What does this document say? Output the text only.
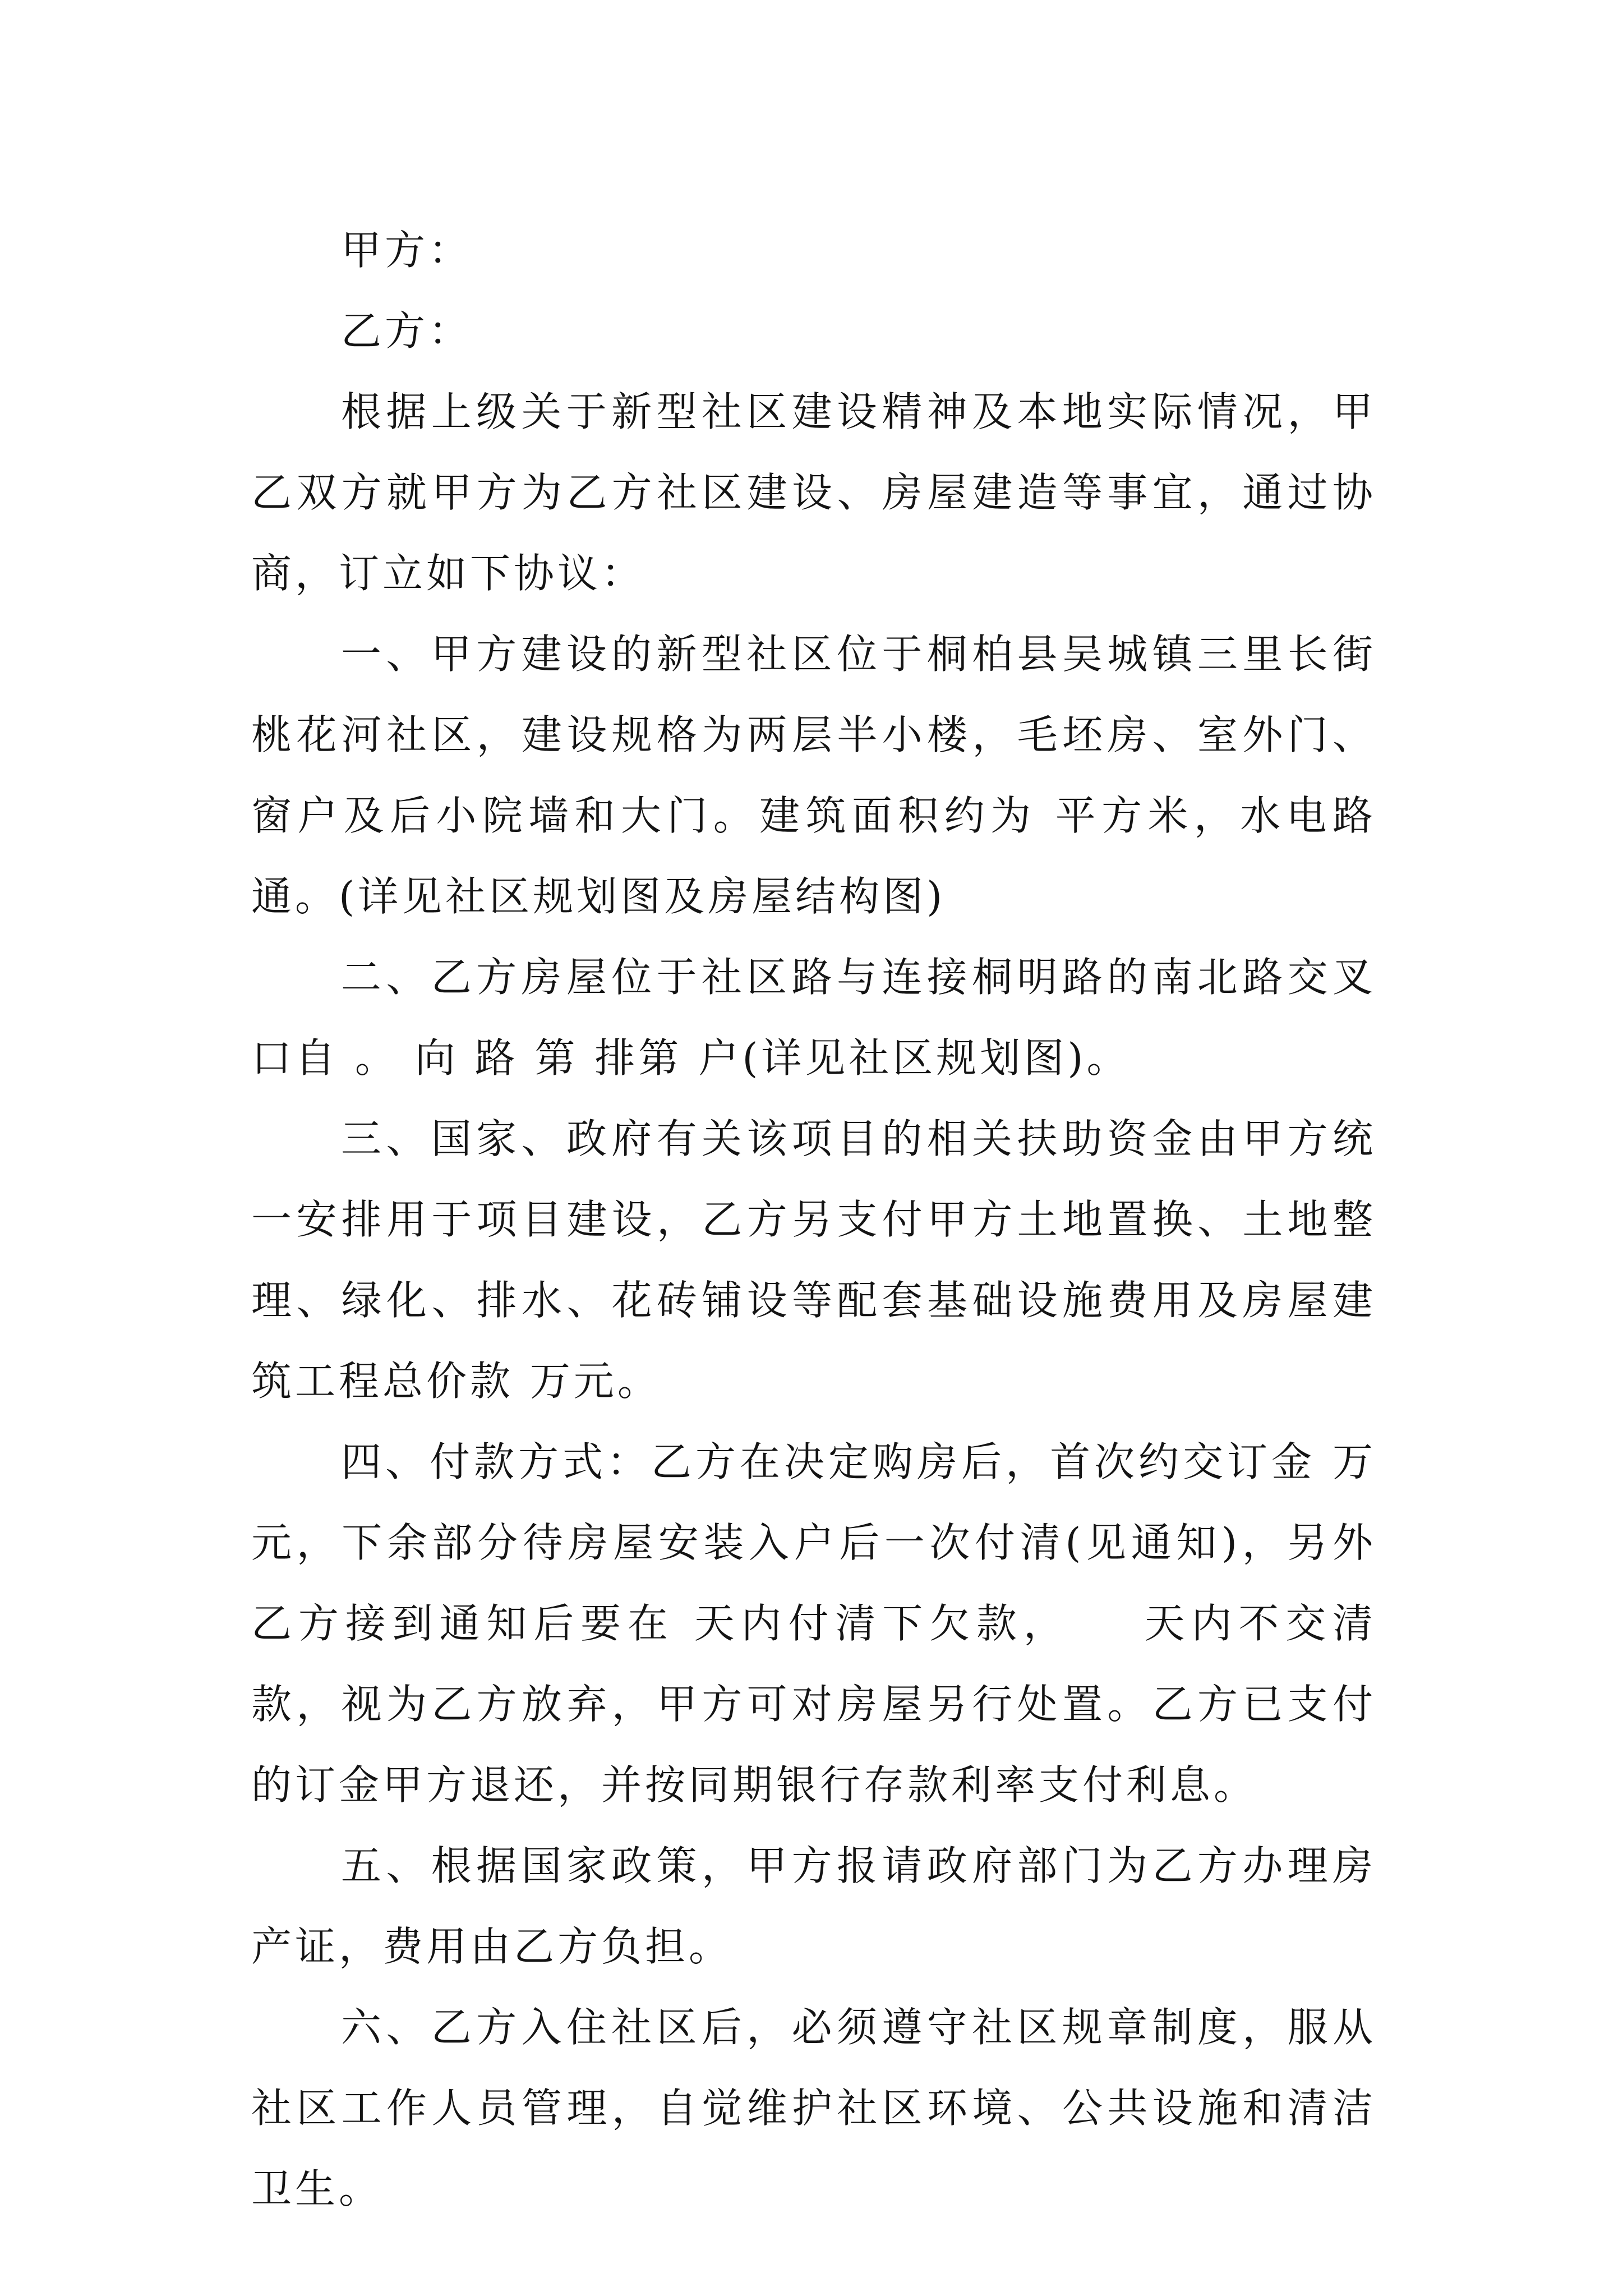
甲方：

乙方：

根据上级关于新型社区建设精神及本地实际情况，甲乙双方就甲方为乙方社区建设、房屋建造等事宜，通过协商，订立如下协议：

一、甲方建设的新型社区位于桐柏县吴城镇三里长街桃花河社区，建设规格为两层半小楼，毛坯房、室外门、窗户及后小院墙和大门。建筑面积约为 平方米，水电路通。(详见社区规划图及房屋结构图)

二、乙方房屋位于社区路与连接桐明路的南北路交叉口自 。 向 路 第 排第 户(详见社区规划图)。

三、国家、政府有关该项目的相关扶助资金由甲方统一安排用于项目建设，乙方另支付甲方土地置换、土地整理、绿化、排水、花砖铺设等配套基础设施费用及房屋建筑工程总价款 万元。

四、付款方式：乙方在决定购房后，首次约交订金 万元，下余部分待房屋安装入户后一次付清(见通知)，另外乙方接到通知后要在 天内付清下欠款，　　天内不交清款，视为乙方放弃，甲方可对房屋另行处置。乙方已支付的订金甲方退还，并按同期银行存款利率支付利息。

五、根据国家政策，甲方报请政府部门为乙方办理房产证，费用由乙方负担。

六、乙方入住社区后，必须遵守社区规章制度，服从社区工作人员管理，自觉维护社区环境、公共设施和清洁卫生。
